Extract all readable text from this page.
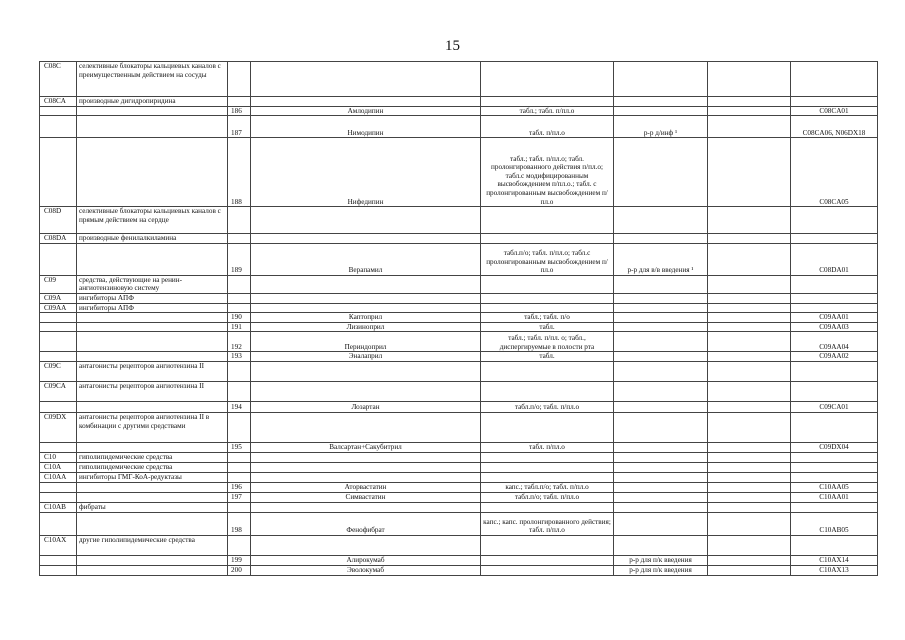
15
C08C	селективные блокаторы кальциевых каналов с преимущественным действием на сосуды						
C08CA	производные дигидропиридина						
		186	Амлодипин	табл.; табл. п/пл.о			C08CA01
		187	Нимодипин	табл. п/пл.о	р-р д/инф ¹		C08CA06, N06DX18
		188	Нифедипин	табл.; табл. п/пл.о; табл. пролонгированного действия п/пл.о; табл.с модифицированным высвобождением п/пл.о.; табл. с пролонгированным высвобождением п/пл.о			C08CA05
C08D	селективные блокаторы кальциевых каналов с прямым действием на сердце						
C08DA	производные фенилалкиламина						
		189	Верапамил	табл.п/о; табл. п/пл.о; табл.с пролонгированным высвобождением п/пл.о	р-р для в/в введения ¹		C08DA01
C09	средства, действующие на ренин-ангиотензиновую систему						
C09A	ингибиторы АПФ						
C09AA	ингибиторы АПФ						
		190	Каптоприл	табл.; табл. п/о			C09AA01
		191	Лизиноприл	табл.			C09AA03
		192	Периндоприл	табл.; табл. п/пл. о; табл., диспергируемые в полости рта			C09AA04
		193	Эналаприл	табл.			C09AA02
C09C	антагонисты рецепторов ангиотензина II						
C09CA	антагонисты рецепторов ангиотензина II						
		194	Лозартан	табл.п/о; табл. п/пл.о			C09CA01
C09DX	антагонисты рецепторов ангиотензина II в комбинации с другими средствами						
		195	Валсартан+Сакубитрил	табл. п/пл.о			C09DX04
C10	гиполипидемические средства						
C10A	гиполипидемические средства						
C10AA	ингибиторы ГМГ-КоА-редуктазы						
		196	Аторвастатин	капс.; табл.п/о; табл. п/пл.о			C10AA05
		197	Симвастатин	табл.п/о; табл. п/пл.о			C10AA01
C10AB	фибраты						
		198	Фенофибрат	капс.; капс. пролонгированного действия; табл. п/пл.о			C10AB05
C10AX	другие гиполипидемические средства						
		199	Алирокумаб		р-р для п/к введения		C10AX14
		200	Эволокумаб		р-р для п/к введения		C10AX13
